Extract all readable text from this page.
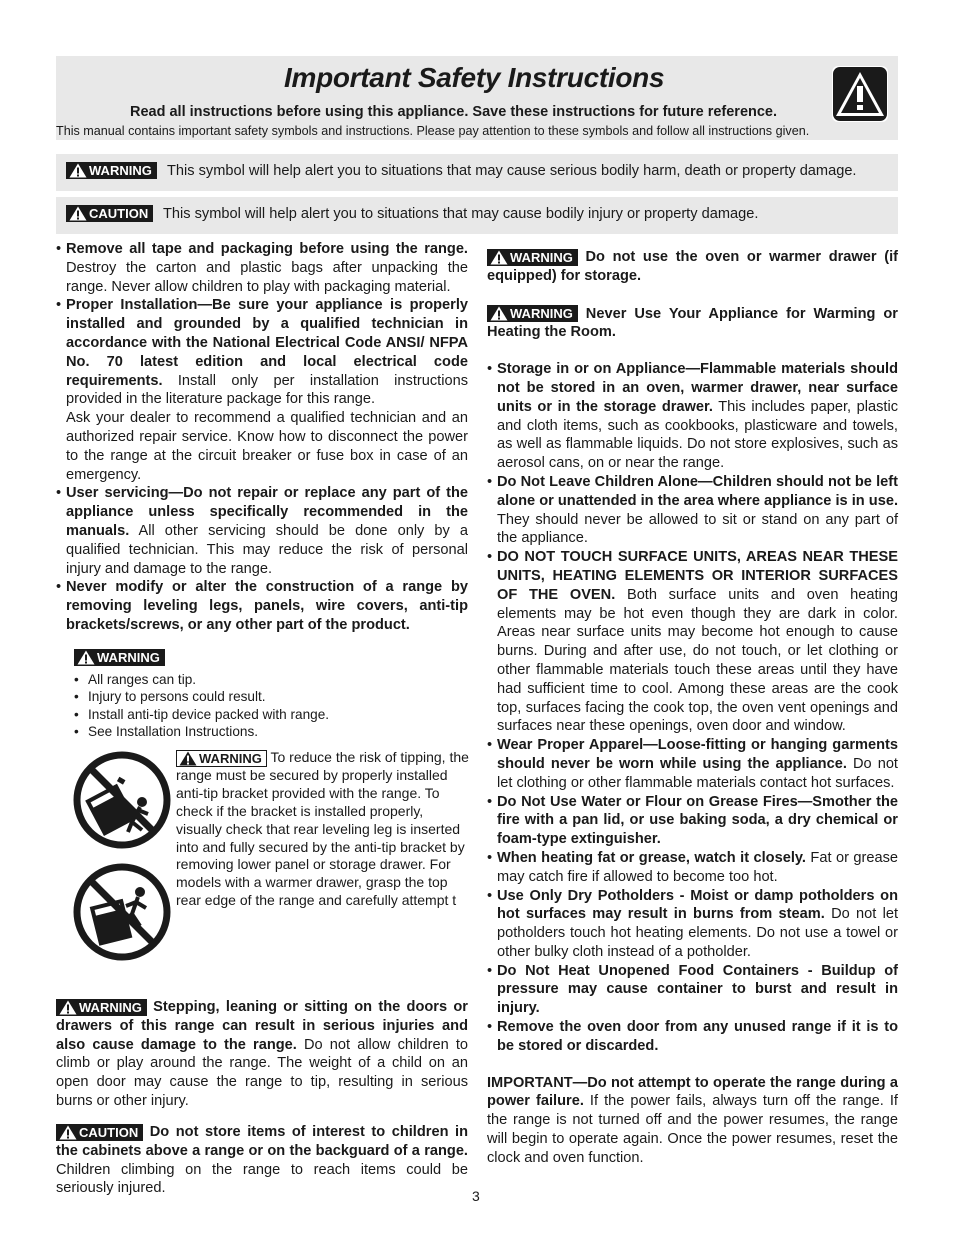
Important Safety Instructions
Read all instructions before using this appliance. Save these instructions for future reference.
This manual contains important safety symbols and instructions. Please pay attention to these symbols and follow all instructions given.
WARNING This symbol will help alert you to situations that may cause serious bodily harm, death or property damage.
CAUTION This symbol will help alert you to situations that may cause bodily injury or property damage.
• Remove all tape and packaging before using the range. Destroy the carton and plastic bags after unpacking the range. Never allow children to play with packaging material.
• Proper Installation—Be sure your appliance is properly installed and grounded by a qualified technician in accordance with the National Electrical Code ANSI/ NFPA No. 70 latest edition and local electrical code requirements. Install only per installation instructions provided in the literature package for this range.
Ask your dealer to recommend a qualified technician and an authorized repair service. Know how to disconnect the power to the range at the circuit breaker or fuse box in case of an emergency.
• User servicing—Do not repair or replace any part of the appliance unless specifically recommended in the manuals. All other servicing should be done only by a qualified technician. This may reduce the risk of personal injury and damage to the range.
• Never modify or alter the construction of a range by removing leveling legs, panels, wire covers, anti-tip brackets/screws, or any other part of the product.
WARNING
• All ranges can tip.
• Injury to persons could result.
• Install anti-tip device packed with range.
• See Installation Instructions.
WARNING To reduce the risk of tipping, the range must be secured by properly installed anti-tip bracket provided with the range. To check if the bracket is installed properly, visually check that rear leveling leg is inserted into and fully secured by the anti-tip bracket by removing lower panel or storage drawer. For models with a warmer drawer, grasp the top rear edge of the range and carefully attempt t
WARNING Stepping, leaning or sitting on the doors or drawers of this range can result in serious injuries and also cause damage to the range. Do not allow children to climb or play around the range. The weight of a child on an open door may cause the range to tip, resulting in serious burns or other injury.
CAUTION Do not store items of interest to children in the cabinets above a range or on the backguard of a range. Children climbing on the range to reach items could be seriously injured.
WARNING Do not use the oven or warmer drawer (if equipped) for storage.
WARNING Never Use Your Appliance for Warming or Heating the Room.
• Storage in or on Appliance—Flammable materials should not be stored in an oven, warmer drawer, near surface units or in the storage drawer. This includes paper, plastic and cloth items, such as cookbooks, plasticware and towels, as well as flammable liquids. Do not store explosives, such as aerosol cans, on or near the range.
• Do Not Leave Children Alone—Children should not be left alone or unattended in the area where appliance is in use. They should never be allowed to sit or stand on any part of the appliance.
• DO NOT TOUCH SURFACE UNITS, AREAS NEAR THESE UNITS, HEATING ELEMENTS OR INTERIOR SURFACES OF THE OVEN. Both surface units and oven heating elements may be hot even though they are dark in color. Areas near surface units may become hot enough to cause burns. During and after use, do not touch, or let clothing or other flammable materials touch these areas until they have had sufficient time to cool. Among these areas are the cook top, surfaces facing the cook top, the oven vent openings and surfaces near these openings, oven door and window.
• Wear Proper Apparel—Loose-fitting or hanging garments should never be worn while using the appliance. Do not let clothing or other flammable materials contact hot surfaces.
• Do Not Use Water or Flour on Grease Fires—Smother the fire with a pan lid, or use baking soda, a dry chemical or foam-type extinguisher.
• When heating fat or grease, watch it closely. Fat or grease may catch fire if allowed to become too hot.
• Use Only Dry Potholders - Moist or damp potholders on hot surfaces may result in burns from steam. Do not let potholders touch hot heating elements. Do not use a towel or other bulky cloth instead of a potholder.
• Do Not Heat Unopened Food Containers - Buildup of pressure may cause container to burst and result in injury.
• Remove the oven door from any unused range if it is to be stored or discarded.
IMPORTANT—Do not attempt to operate the range during a power failure. If the power fails, always turn off the range. If the range is not turned off and the power resumes, the range will begin to operate again. Once the power resumes, reset the clock and oven function.
3
